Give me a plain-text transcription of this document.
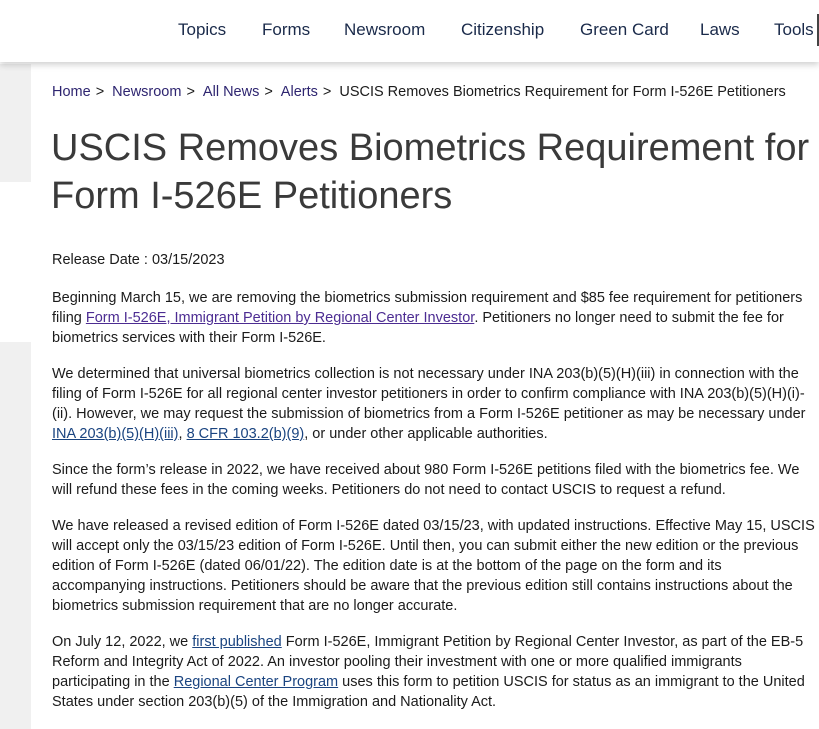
Topics Forms Newsroom Citizenship Green Card Laws Tools
Home > Newsroom > All News > Alerts > USCIS Removes Biometrics Requirement for Form I-526E Petitioners
USCIS Removes Biometrics Requirement for Form I-526E Petitioners
Release Date : 03/15/2023

Beginning March 15, we are removing the biometrics submission requirement and $85 fee requirement for petitioners filing Form I-526E, Immigrant Petition by Regional Center Investor. Petitioners no longer need to submit the fee for biometrics services with their Form I-526E.

We determined that universal biometrics collection is not necessary under INA 203(b)(5)(H)(iii) in connection with the filing of Form I-526E for all regional center investor petitioners in order to confirm compliance with INA 203(b)(5)(H)(i)-(ii). However, we may request the submission of biometrics from a Form I-526E petitioner as may be necessary under INA 203(b)(5)(H)(iii), 8 CFR 103.2(b)(9), or under other applicable authorities.

Since the form’s release in 2022, we have received about 980 Form I-526E petitions filed with the biometrics fee. We will refund these fees in the coming weeks. Petitioners do not need to contact USCIS to request a refund.

We have released a revised edition of Form I-526E dated 03/15/23, with updated instructions. Effective May 15, USCIS will accept only the 03/15/23 edition of Form I-526E. Until then, you can submit either the new edition or the previous edition of Form I-526E (dated 06/01/22). The edition date is at the bottom of the page on the form and its accompanying instructions. Petitioners should be aware that the previous edition still contains instructions about the biometrics submission requirement that are no longer accurate.

On July 12, 2022, we first published Form I-526E, Immigrant Petition by Regional Center Investor, as part of the EB-5 Reform and Integrity Act of 2022. An investor pooling their investment with one or more qualified immigrants participating in the Regional Center Program uses this form to petition USCIS for status as an immigrant to the United States under section 203(b)(5) of the Immigration and Nationality Act.
